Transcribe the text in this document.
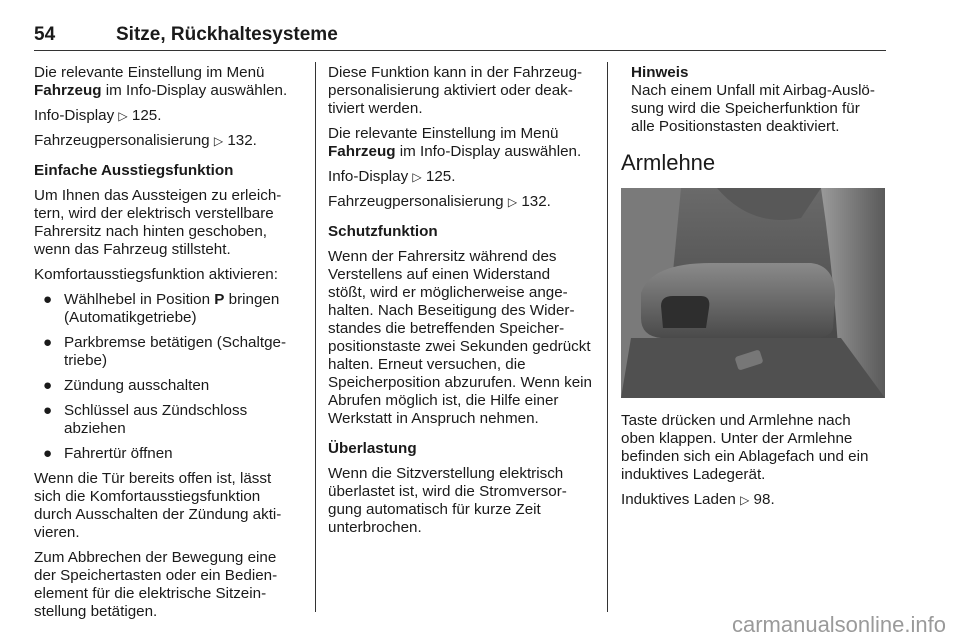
54	Sitze, Rückhaltesysteme

Die relevante Einstellung im Menü Fahrzeug im Info-Display auswählen.

Info-Display ▷ 125.

Fahrzeugpersonalisierung ▷ 132.

Einfache Ausstiegsfunktion

Um Ihnen das Aussteigen zu erleich-tern, wird der elektrisch verstellbare Fahrersitz nach hinten geschoben, wenn das Fahrzeug stillsteht.

Komfortausstiegsfunktion aktivieren:

● Wählhebel in Position P bringen (Automatikgetriebe)
● Parkbremse betätigen (Schaltge-triebe)
● Zündung ausschalten
● Schlüssel aus Zündschloss abziehen
● Fahrertür öffnen

Wenn die Tür bereits offen ist, lässt sich die Komfortausstiegsfunktion durch Ausschalten der Zündung akti-vieren.

Zum Abbrechen der Bewegung eine der Speichertasten oder ein Bedien-element für die elektrische Sitzein-stellung betätigen.

Diese Funktion kann in der Fahrzeug-personalisierung aktiviert oder deak-tiviert werden.

Die relevante Einstellung im Menü Fahrzeug im Info-Display auswählen.

Info-Display ▷ 125.

Fahrzeugpersonalisierung ▷ 132.

Schutzfunktion

Wenn der Fahrersitz während des Verstellens auf einen Widerstand stößt, wird er möglicherweise ange-halten. Nach Beseitigung des Wider-standes die betreffenden Speicher-positionstaste zwei Sekunden gedrückt halten. Erneut versuchen, die Speicherposition abzurufen. Wenn kein Abrufen möglich ist, die Hilfe einer Werkstatt in Anspruch nehmen.

Überlastung

Wenn die Sitzverstellung elektrisch überlastet ist, wird die Stromversor-gung automatisch für kurze Zeit unterbrochen.

Hinweis

Nach einem Unfall mit Airbag-Auslö-sung wird die Speicherfunktion für alle Positionstasten deaktiviert.

Armlehne

Taste drücken und Armlehne nach oben klappen. Unter der Armlehne befinden sich ein Ablagefach und ein induktives Ladegerät.

Induktives Laden ▷ 98.

carmanualsonline.info
